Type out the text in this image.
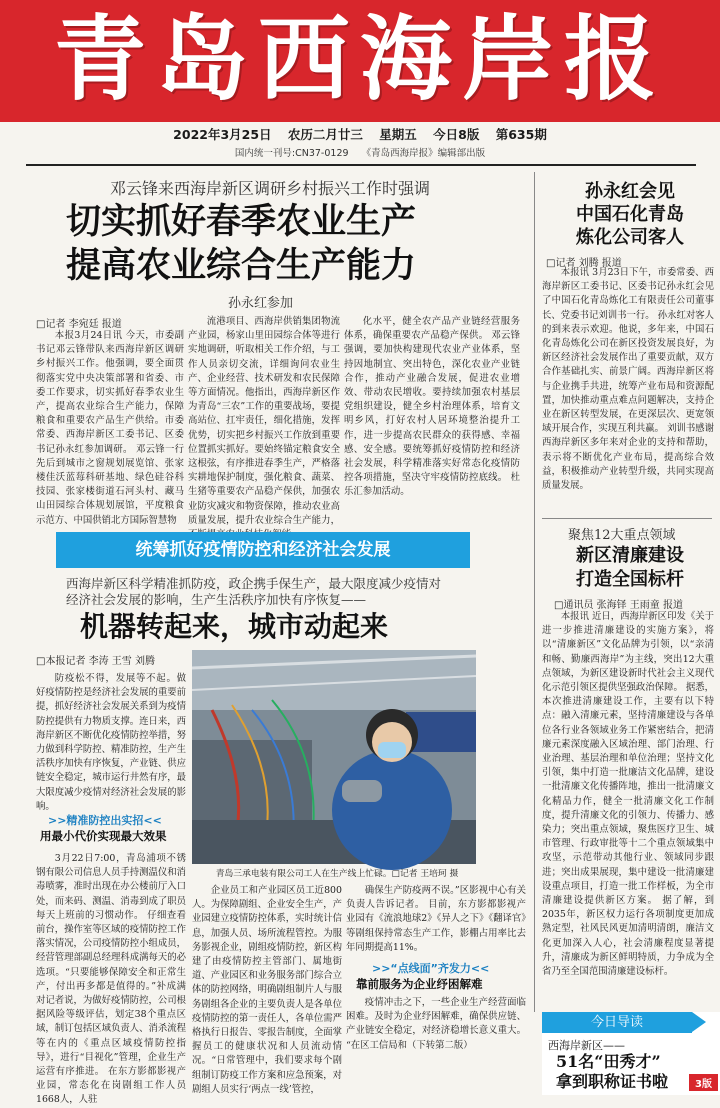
青岛西海岸报
2022年3月25日 农历二月廿三 星期五 今日8版 第635期
国内统一刊号:CN37-0129 《青岛西海岸报》编辑部出版
邓云锋来西海岸新区调研乡村振兴工作时强调
切实抓好春季农业生产
提高农业综合生产能力
孙永红参加
□记者 李宛廷 报道

本报3月24日讯 今天，市委副书记邓云锋带队来西海岸新区调研乡村振兴工作。他强调，要全面贯彻落实党中央决策部署和省委、市委工作要求，切实抓好春季农业生产，提高农业综合生产能力，保障粮食和重要农产品生产供给。市委常委、西海岸新区工委书记、区委书记孙永红参加调研。 邓云锋一行先后到城市之窗规划展览馆、张家楼佳沃蓝莓科研基地、绿色硅谷科技园、张家楼街道石河头村、藏马山田园综合体规划展馆，平度粮食示范方、中国供销北方国际智慧物

流港项目、西海岸供销集团物流产业园，杨家山里田园综合体等进行实地调研，听取相关工作介绍，与工作人员亲切交流，详细询问农业生产、企业经营、技术研发和农民保障等方面情况。他指出，西海岸新区作为青岛“三农”工作的重要战场，要提高站位、扛牢责任，细化措施，发挥优势，切实把乡村振兴工作放到重要位置抓实抓好。要始终锚定粮食安全这根弦，有序推进春季生产，严格落实耕地保护制度，强化粮食、蔬菜、生猪等重要农产品稳产保供，加强农业防灾减灾和物资保障，推动农业高质量发展，提升农业综合生产能力，

化水平，健全农产品产业链经营服务体系，确保重要农产品稳产保供。 邓云锋强调，要加快构建现代农业产业体系，坚持因地制宜、突出特色，深化农业产业链合作，推动产业融合发展，促进农业增效、带动农民增收。要持续加强农村基层党组织建设，健全乡村治理体系，培育文明乡风，打好农村人居环境整治提升工作，进一步提高农民群众的获得感、幸福感、安全感。要统筹抓好疫情防控和经济社会发展，科学精准落实好常态化疫情防控各项措施，坚决守牢疫情防控底线。 杜乐汇参加活动。

孙永红会见
中国石化青岛
炼化公司客人
□记者 刘腾 报道

本报讯 3月23日下午，市委常委、西海岸新区工委书记、区委书记孙永红会见了中国石化青岛炼化工有限责任公司董事长、党委书记刘训书一行。 孙永红对客人的到来表示欢迎。他说，多年来，中国石化青岛炼化公司在新区投资发展良好，为新区经济社会发展作出了重要贡献，双方合作基础扎实、前景广阔。西海岸新区将与企业携手共进，统筹产业布局和资源配置，加快推动重点难点问题解决，支持企业在新区转型发展，在更深层次、更宽领域开展合作，实现互利共赢。 刘训书感谢西海岸新区多年来对企业的支持和帮助，表示将不断优化产业布局，提高综合效益，积极推动产业转型升级，共同实现高质量发展。

聚焦12大重点领域
新区清廉建设
打造全国标杆
□通讯员 张海铎 王雨童 报道

本报讯 近日，西海岸新区印发《关于进一步推进清廉建设的实施方案》，将以“清廉新区”文化品牌为引领，以“亲清和畅、勤廉西海岸”为主线，突出12大重点领域，为新区建设新时代社会主义现代化示范引领区提供坚强政治保障。 据悉，本次推进清廉建设工作，主要有以下特点：融入清廉元素，坚持清廉建设与各单位各行业各领域业务工作紧密结合，把清廉元素深度融入区域治理、部门治理、行业治理、基层治理和单位治理；坚持文化引领，集中打造一批廉洁文化品牌，建设一批清廉文化传播阵地，推出一批清廉文化精品力作，健全一批清廉文化工作制度，提升清廉文化的引领力、传播力、感染力；突出重点领域，聚焦医疗卫生、城市管理、行政审批等十二个重点领域集中攻坚，示范带动其他行业、领域同步跟进；突出成果展现，集中建设一批清廉建设重点项目，打造一批工作样板，为全市清廉建设提供新区方案。 据了解，到2035年，新区权力运行各项制度更加成熟定型，社风民风更加清明清朗，廉洁文化更加深入人心，社会清廉程度显著提升，清廉成为新区鲜明特质，力争成为全省乃至全国范围清廉建设标杆。

统筹抓好疫情防控和经济社会发展
西海岸新区科学精准抓防疫，政企携手保生产，最大限度减少疫情对
经济社会发展的影响，生产生活秩序加快有序恢复——
机器转起来，城市动起来
□本报记者 李涛 王雪 刘腾

防疫松不得，发展等不起。做好疫情防控是经济社会发展的重要前提，抓好经济社会发展关系到为疫情防控提供有力物质支撑。连日来，西海岸新区不断优化疫情防控举措，努力做到科学防控、精准防控，生产生活秩序加快有序恢复，产业链、供应链安全稳定，城市运行井然有序，最大限度减少疫情对经济社会发展的影响。

>>精准防控出实招<<
用最小代价实现最大效果

3月22日7:00，青岛浦项不锈钢有限公司信息人员手持测温仪和消毒喷雾，准时出现在办公楼前厅入口处，而来码、测温、消毒到成了职员每天上班前的习惯动作。 仔细查看前台，操作室等区域的疫情防控工作落实情况，公司疫情防控小组成员，经营管理部副总经理科成满每天的必选项。“只要能够保障安全和正常生产，付出再多都是值得的。”补成满对记者说，为做好疫情防控，公司根据风险等级评估，划定38个重点区域，制订包括区域负责人、消杀流程等在内的《重点区域疫情防控指导》，进行“目视化”管理，企业生产运营有序推进。 在东方影都影视产业园，常态化在岗剧组工作人员1668人，人驻

企业员工和产业园区员工近800人。为保障剧组、企业安全生产，产业园建立疫情防控体系，实时统计信息，加强人员、场所流程管控。为服务影视企业，剧组疫情防控，新区构建了由疫情防控主管部门、属地街道、产业园区和业务服务部门综合立体的防控网络，明确剧组制片人与服务剧组各企业的主要负责人是各单位疫情防控的第一责任人，各单位需严格执行日报告、零报告制度，全面掌握员工的健康状况和人员流动情况。“日常管理中，我们要求每个剧组制订防疫工作方案和应急预案，对剧组人员实行‘两点一线’管控，

确保生产防疫两不误。”区影视中心有关负责人告诉记者。 目前，东方影都影视产业园有《流浪地球2》《异人之下》《翻译官》等剧组保持常态生产工作，影棚占用率比去年同期提高11%。

>>“点线面”齐发力<<
靠前服务为企业纾困解难

疫情冲击之下，一些企业生产经营面临困难。及时为企业纾困解难，确保供应链、产业链安全稳定，对经济稳增长意义重大。 “在区工信局和（下转第二版）

青岛三承电装有限公司工人在生产线上忙碌。□记者 王培珂 摄
今日导读
西海岸新区——
51名“田秀才”
拿到职称证书啦	3版
